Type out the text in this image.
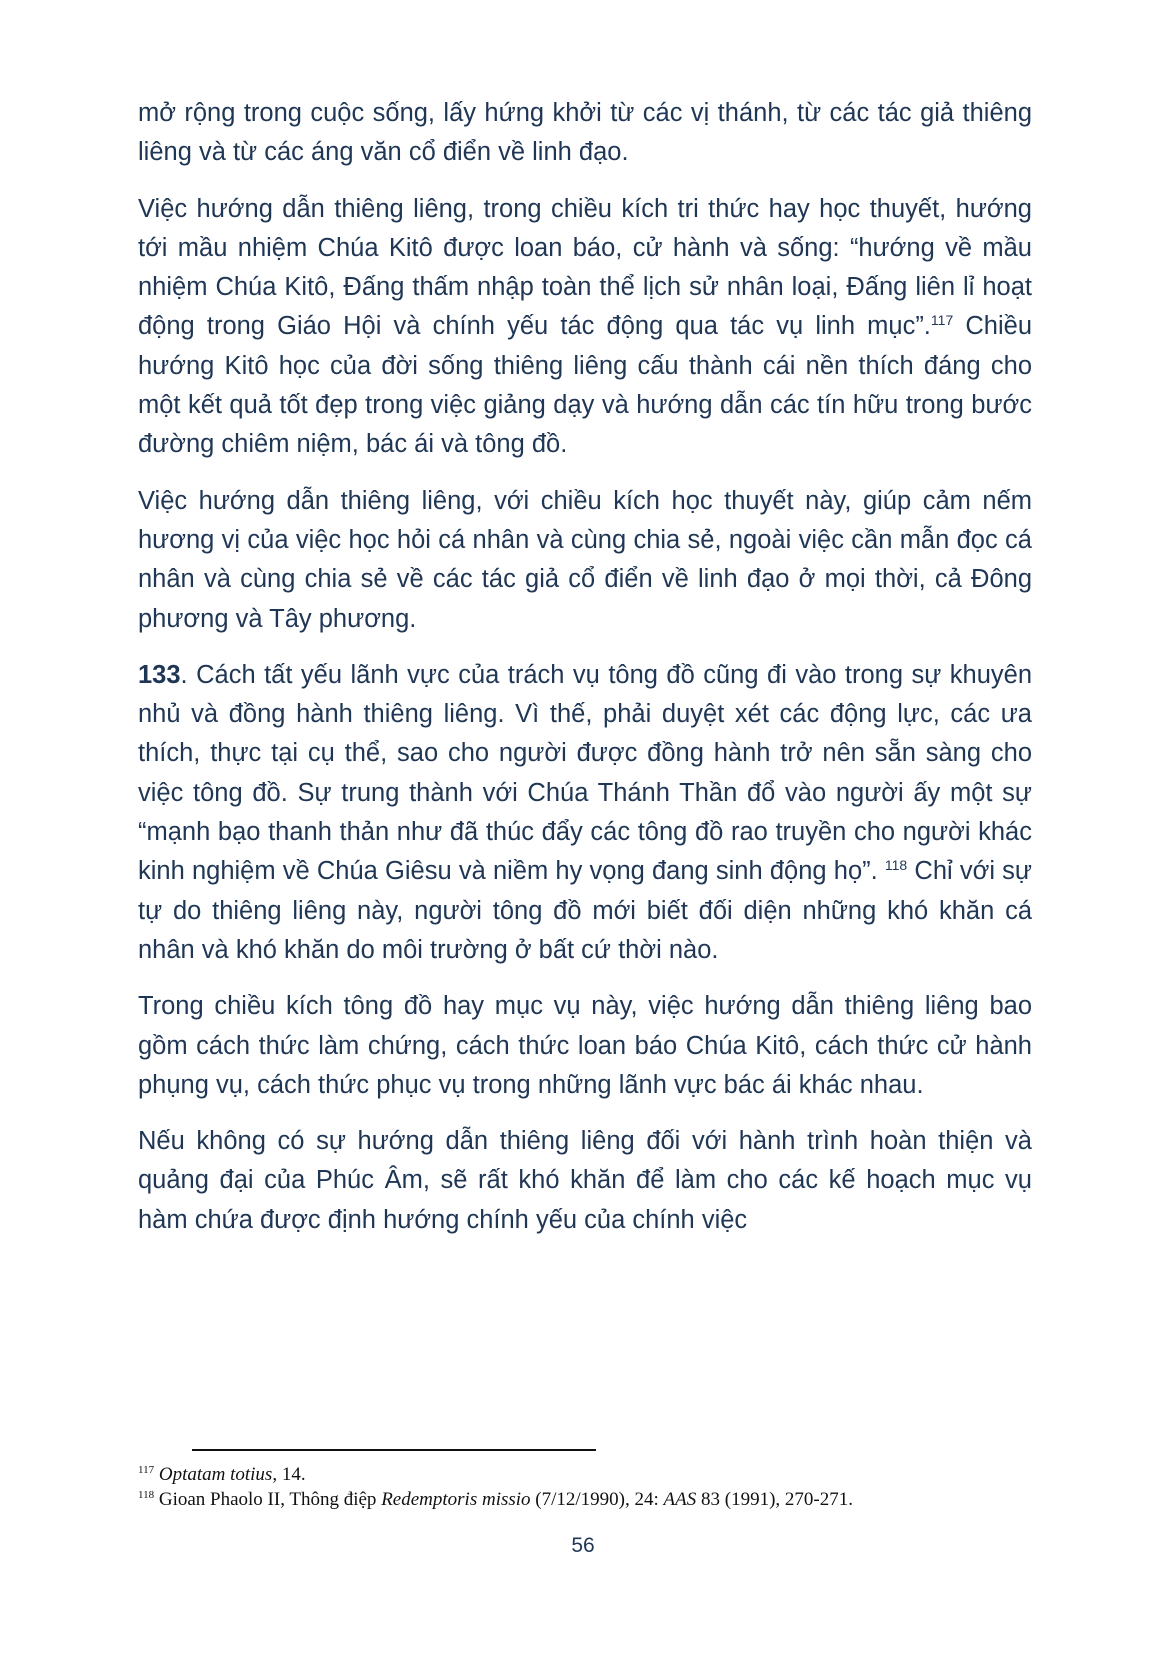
mở rộng trong cuộc sống, lấy hứng khởi từ các vị thánh, từ các tác giả thiêng liêng và từ các áng văn cổ điển về linh đạo.

Việc hướng dẫn thiêng liêng, trong chiều kích tri thức hay học thuyết, hướng tới mầu nhiệm Chúa Kitô được loan báo, cử hành và sống: “hướng về mầu nhiệm Chúa Kitô, Đấng thấm nhập toàn thể lịch sử nhân loại, Đấng liên lỉ hoạt động trong Giáo Hội và chính yếu tác động qua tác vụ linh mục”.$^{117}$ Chiều hướng Kitô học của đời sống thiêng liêng cấu thành cái nền thích đáng cho một kết quả tốt đẹp trong việc giảng dạy và hướng dẫn các tín hữu trong bước đường chiêm niệm, bác ái và tông đồ.

Việc hướng dẫn thiêng liêng, với chiều kích học thuyết này, giúp cảm nếm hương vị của việc học hỏi cá nhân và cùng chia sẻ, ngoài việc cần mẫn đọc cá nhân và cùng chia sẻ về các tác giả cổ điển về linh đạo ở mọi thời, cả Đông phương và Tây phương.

133. Cách tất yếu lãnh vực của trách vụ tông đồ cũng đi vào trong sự khuyên nhủ và đồng hành thiêng liêng. Vì thế, phải duyệt xét các động lực, các ưa thích, thực tại cụ thể, sao cho người được đồng hành trở nên sẵn sàng cho việc tông đồ. Sự trung thành với Chúa Thánh Thần đổ vào người ấy một sự “mạnh bạo thanh thản như đã thúc đẩy các tông đồ rao truyền cho người khác kinh nghiệm về Chúa Giêsu và niềm hy vọng đang sinh động họ”. $^{118}$ Chỉ với sự tự do thiêng liêng này, người tông đồ mới biết đối diện những khó khăn cá nhân và khó khăn do môi trường ở bất cứ thời nào.

Trong chiều kích tông đồ hay mục vụ này, việc hướng dẫn thiêng liêng bao gồm cách thức làm chứng, cách thức loan báo Chúa Kitô, cách thức cử hành phụng vụ, cách thức phục vụ trong những lãnh vực bác ái khác nhau.

Nếu không có sự hướng dẫn thiêng liêng đối với hành trình hoàn thiện và quảng đại của Phúc Âm, sẽ rất khó khăn để làm cho các kế hoạch mục vụ hàm chứa được định hướng chính yếu của chính việc

$^{117}$ Optatam totius, 14.

$^{118}$ Gioan Phaolo II, Thông điệp Redemptoris missio (7/12/1990), 24: AAS 83 (1991), 270-271.

56
